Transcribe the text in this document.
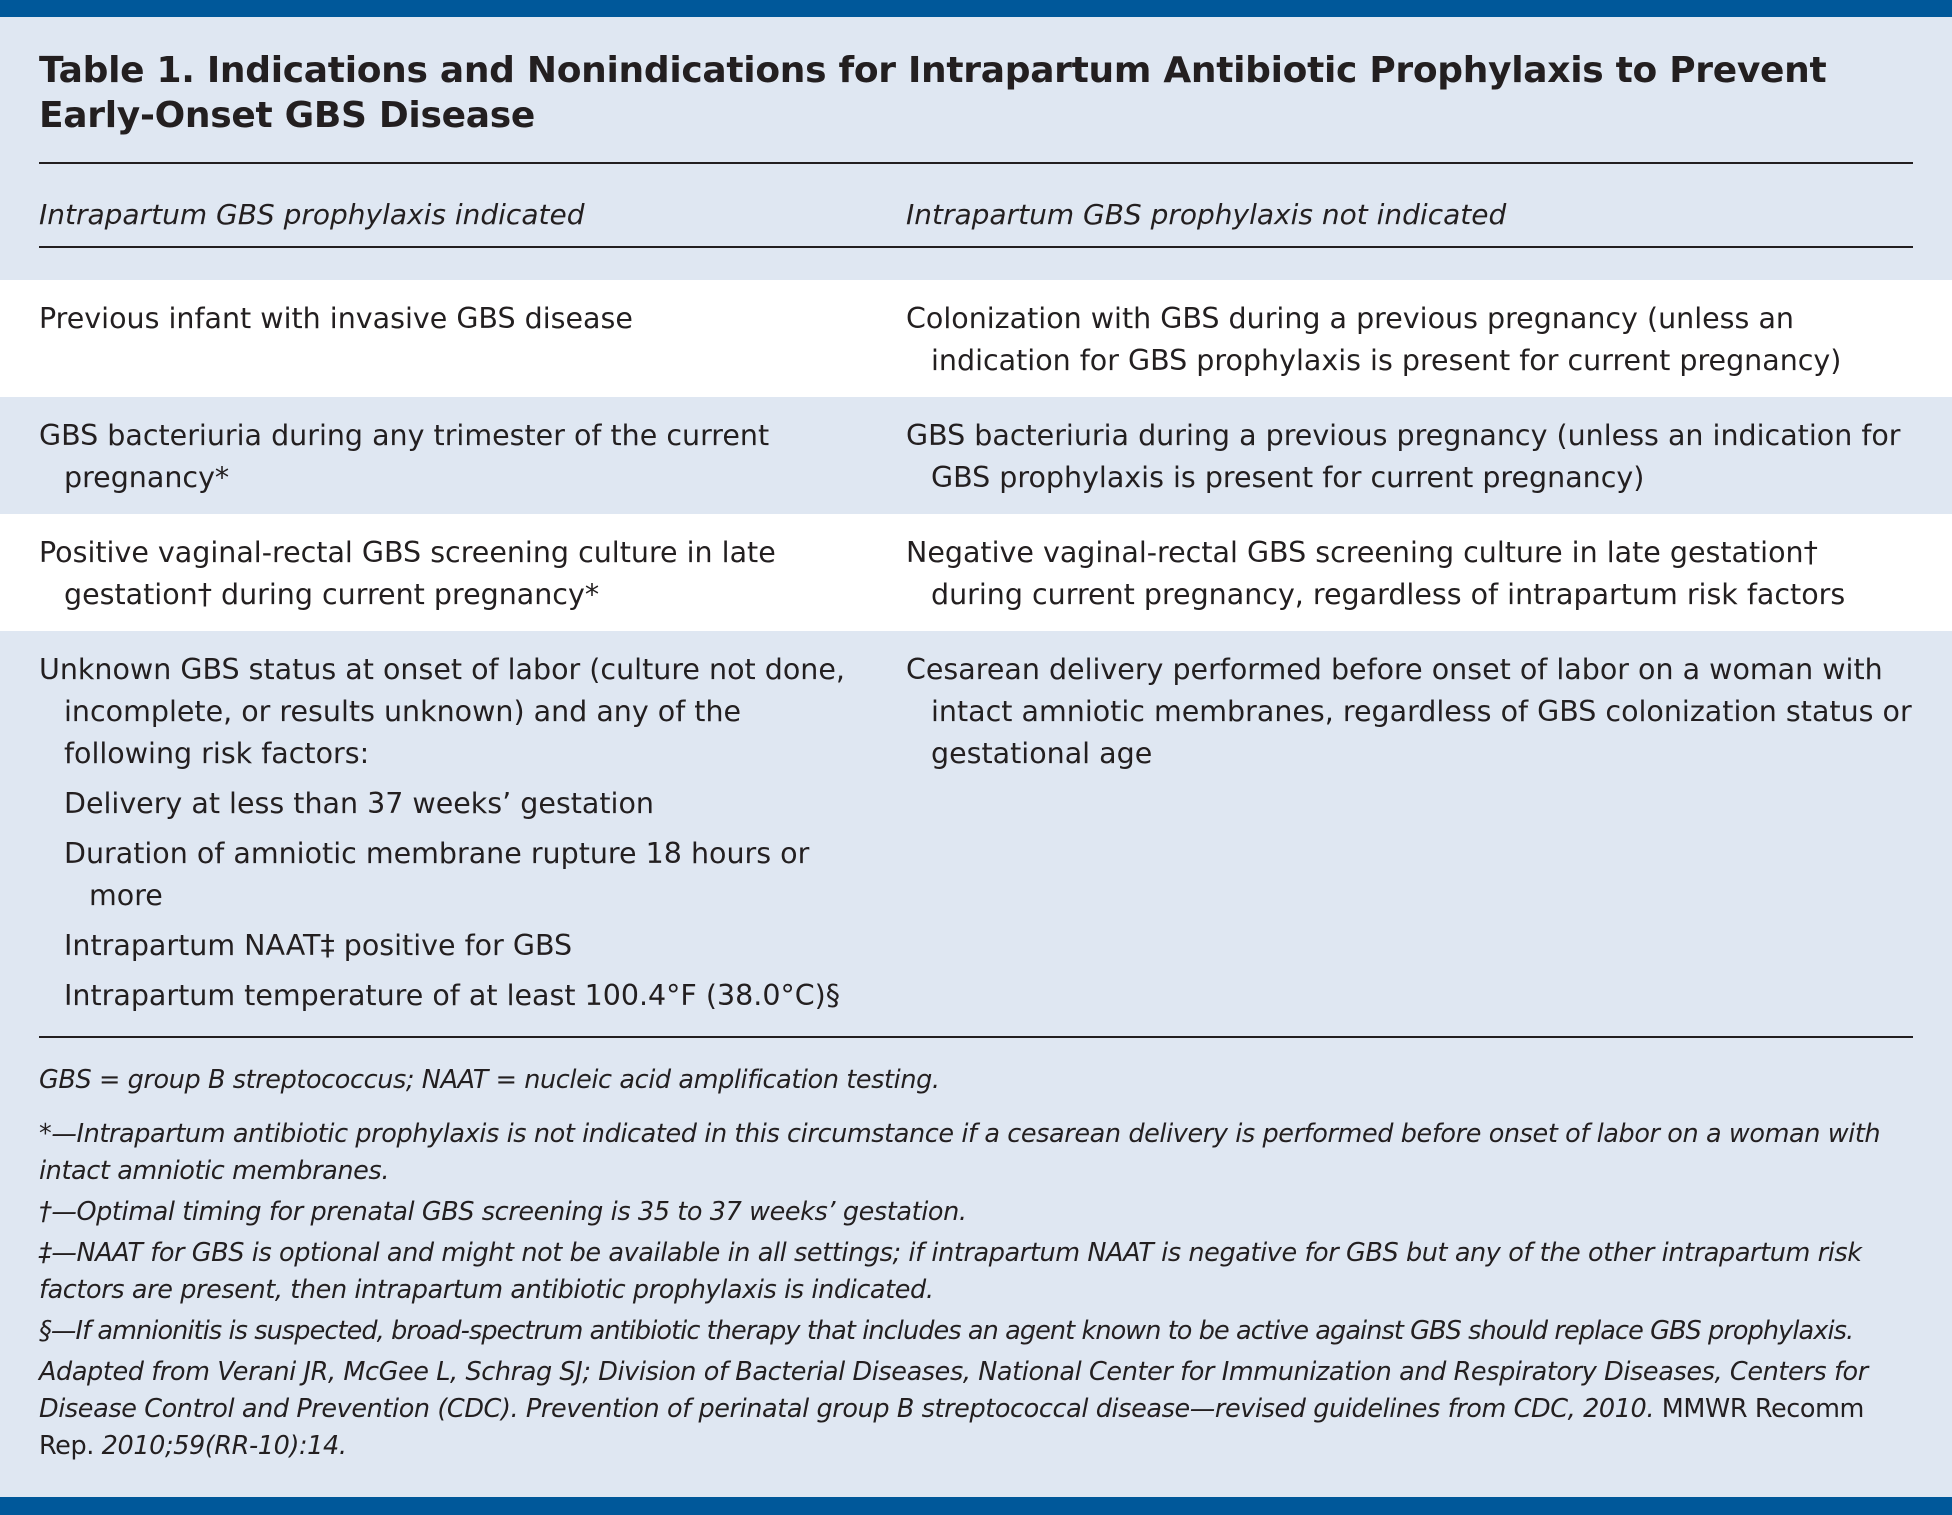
Table 1. Indications and Nonindications for Intrapartum Antibiotic Prophylaxis to Prevent Early-Onset GBS Disease
Intrapartum GBS prophylaxis indicated	Intrapartum GBS prophylaxis not indicated

Previous infant with invasive GBS disease	Colonization with GBS during a previous pregnancy (unless an indication for GBS prophylaxis is present for current pregnancy)

GBS bacteriuria during any trimester of the current pregnancy*

GBS bacteriuria during a previous pregnancy (unless an indication for GBS prophylaxis is present for current pregnancy)

Positive vaginal-rectal GBS screening culture in late gestation† during current pregnancy*

Negative vaginal-rectal GBS screening culture in late gestation† during current pregnancy, regardless of intrapartum risk factors

Unknown GBS status at onset of labor (culture not done, incomplete, or results unknown) and any of the following risk factors:

Delivery at less than 37 weeks’ gestation

Duration of amniotic membrane rupture 18 hours or more

Intrapartum NAAT‡ positive for GBS

Intrapartum temperature of at least 100.4°F (38.0°C)§

Cesarean delivery performed before onset of labor on a woman with intact amniotic membranes, regardless of GBS colonization status or gestational age

GBS = group B streptococcus; NAAT = nucleic acid amplification testing.

*—Intrapartum antibiotic prophylaxis is not indicated in this circumstance if a cesarean delivery is performed before onset of labor on a woman with intact amniotic membranes.

†—Optimal timing for prenatal GBS screening is 35 to 37 weeks’ gestation.

‡—NAAT for GBS is optional and might not be available in all settings; if intrapartum NAAT is negative for GBS but any of the other intrapartum risk factors are present, then intrapartum antibiotic prophylaxis is indicated.

§—If amnionitis is suspected, broad-spectrum antibiotic therapy that includes an agent known to be active against GBS should replace GBS prophylaxis.

Adapted from Verani JR, McGee L, Schrag SJ; Division of Bacterial Diseases, National Center for Immunization and Respiratory Diseases, Centers for Disease Control and Prevention (CDC). Prevention of perinatal group B streptococcal disease—revised guidelines from CDC, 2010. MMWR Recomm Rep. 2010;59(RR-10):14.
